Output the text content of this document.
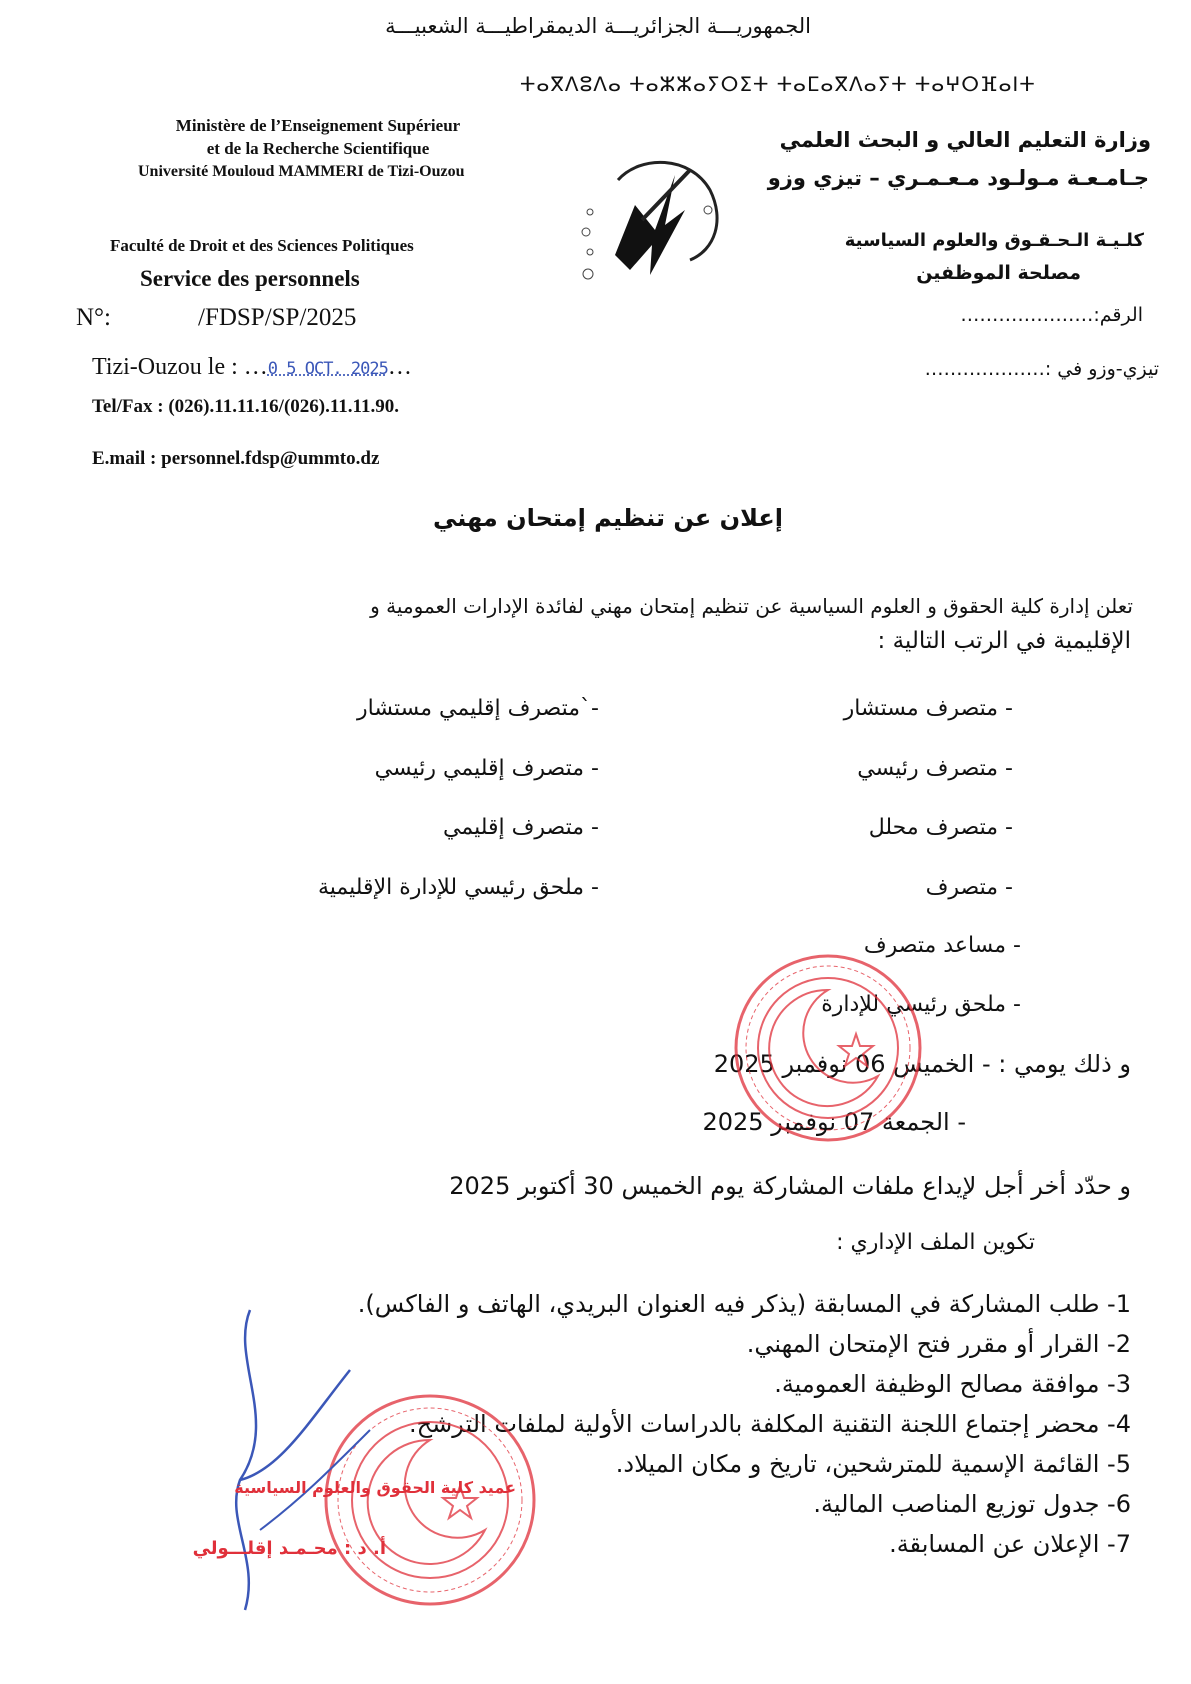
الجمهوريـــة الجزائريـــة الديمقراطيـــة الشعبيـــة
ⵜⴰⴳⴷⵓⴷⴰ ⵜⴰⵣⵣⴰⵢⵔⵉⵜ ⵜⴰⵎⴰⴳⴷⴰⵢⵜ ⵜⴰⵖⵔⴼⴰⵏⵜ
Ministère de l’Enseignement Supérieur
et de la Recherche Scientifique
Université Mouloud MAMMERI de Tizi-Ouzou
وزارة التعليم العالي و البحث العلمي
جـامـعـة مـولـود مـعـمـري – تيزي وزو
Faculté de Droit et des Sciences Politiques
Service des personnels
كلـيـة الـحـقـوق والعلوم السياسية
مصلحة الموظفين
N°:	/FDSP/SP/2025	الرقم:…………………
Tizi-Ouzou le : …0 5 OCT. 2025…	تيزي-وزو في :……………….
Tel/Fax : (026).11.11.16/(026).11.11.90.
E.mail : personnel.fdsp@ummto.dz
إعلان عن تنظيم إمتحان مهني
تعلن إدارة كلية الحقوق و العلوم السياسية عن تنظيم إمتحان مهني لفائدة الإدارات العمومية و
الإقليمية في الرتب التالية :
- متصرف مستشار
- متصرف رئيسي
- متصرف محلل
- متصرف
- مساعد متصرف
- ملحق رئيسي للإدارة
-`متصرف إقليمي مستشار
- متصرف إقليمي رئيسي
- متصرف إقليمي
- ملحق رئيسي للإدارة الإقليمية
و ذلك يومي : - الخميس 06 نوفمبر 2025
- الجمعة 07 نوفمبر 2025
و حدّد أخر أجل لإيداع ملفات المشاركة يوم الخميس 30 أكتوبر 2025
تكوين الملف الإداري :
1- طلب المشاركة في المسابقة (يذكر فيه العنوان البريدي، الهاتف و الفاكس).
2- القرار أو مقرر فتح الإمتحان المهني.
3- موافقة مصالح الوظيفة العمومية.
4- محضر إجتماع اللجنة التقنية المكلفة بالدراسات الأولية لملفات الترشح.
5- القائمة الإسمية للمترشحين، تاريخ و مكان الميلاد.
6- جدول توزيع المناصب المالية.
7- الإعلان عن المسابقة.
عميد كلية الحقوق والعلوم السياسية
أ. د : محـمـد إقلـــولي
